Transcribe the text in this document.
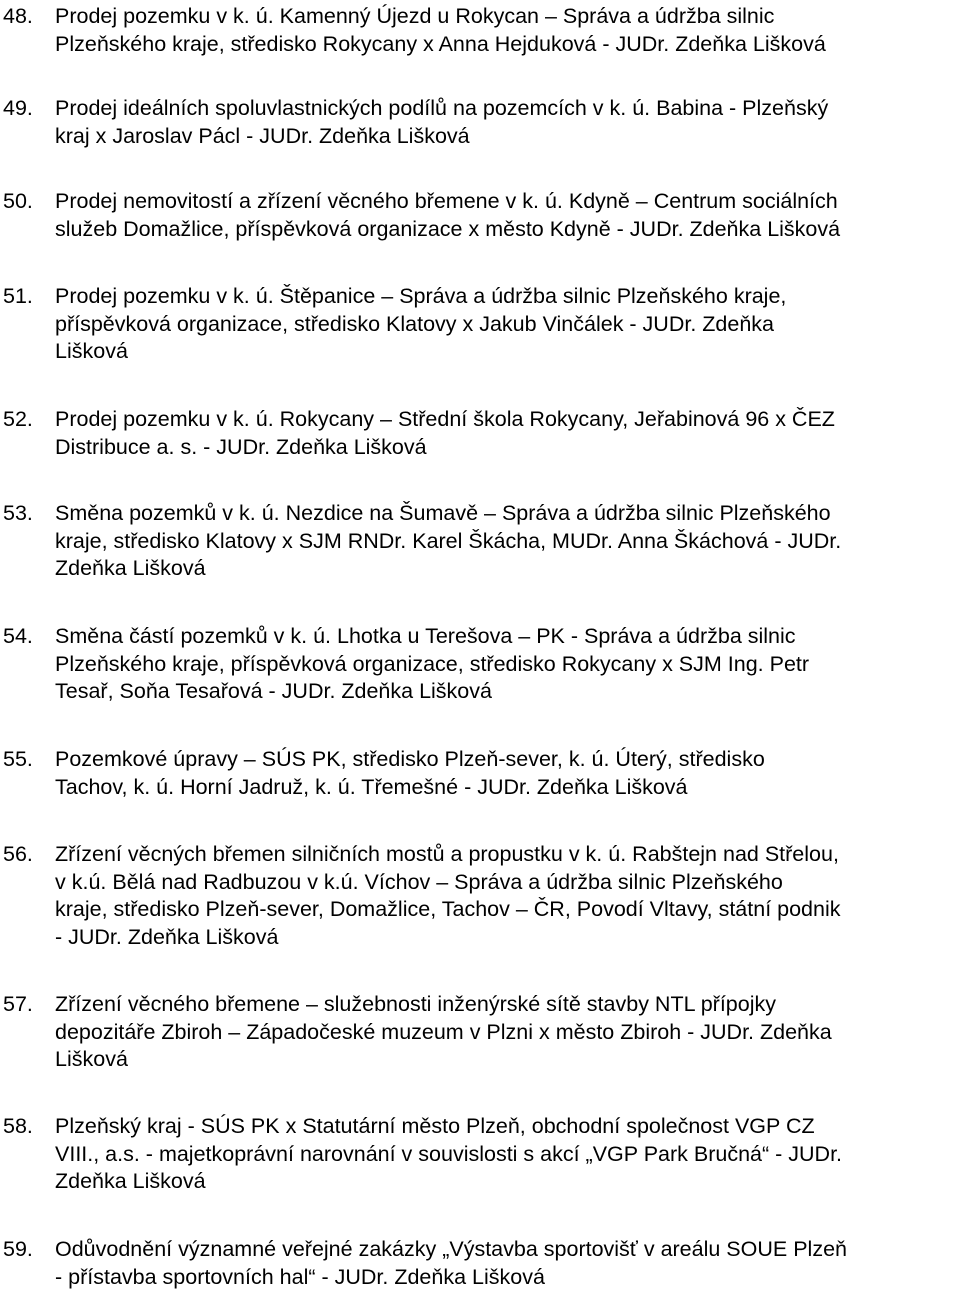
48. Prodej pozemku v k. ú. Kamenný Újezd u Rokycan – Správa a údržba silnic
Plzeňského kraje, středisko Rokycany x Anna Hejduková - JUDr. Zdeňka Lišková
49. Prodej ideálních spoluvlastnických podílů na pozemcích v k. ú. Babina - Plzeňský
kraj x Jaroslav Pácl - JUDr. Zdeňka Lišková
50. Prodej nemovitostí a zřízení věcného břemene v k. ú. Kdyně – Centrum sociálních
služeb Domažlice, příspěvková organizace x město Kdyně - JUDr. Zdeňka Lišková
51. Prodej pozemku v k. ú. Štěpanice – Správa a údržba silnic Plzeňského kraje,
příspěvková organizace, středisko Klatovy x Jakub Vinčálek - JUDr. Zdeňka
Lišková
52. Prodej pozemku v k. ú. Rokycany – Střední škola Rokycany, Jeřabinová 96 x ČEZ
Distribuce a. s. - JUDr. Zdeňka Lišková
53. Směna pozemků v k. ú. Nezdice na Šumavě – Správa a údržba silnic Plzeňského
kraje, středisko Klatovy x SJM RNDr. Karel Škácha, MUDr. Anna Škáchová - JUDr.
Zdeňka Lišková
54. Směna částí pozemků v k. ú. Lhotka u Terešova – PK - Správa a údržba silnic
Plzeňského kraje, příspěvková organizace, středisko Rokycany x SJM Ing. Petr
Tesař, Soňa Tesařová - JUDr. Zdeňka Lišková
55. Pozemkové úpravy – SÚS PK, středisko Plzeň-sever, k. ú. Úterý, středisko
Tachov, k. ú. Horní Jadruž, k. ú. Třemešné - JUDr. Zdeňka Lišková
56. Zřízení věcných břemen silničních mostů a propustku v k. ú. Rabštejn nad Střelou,
v k.ú. Bělá nad Radbuzou v k.ú. Víchov – Správa a údržba silnic Plzeňského
kraje, středisko Plzeň-sever, Domažlice, Tachov – ČR, Povodí Vltavy, státní podnik
- JUDr. Zdeňka Lišková
57. Zřízení věcného břemene – služebnosti inženýrské sítě stavby NTL přípojky
depozitáře Zbiroh – Západočeské muzeum v Plzni x město Zbiroh - JUDr. Zdeňka
Lišková
58. Plzeňský kraj - SÚS PK x Statutární město Plzeň, obchodní společnost VGP CZ
VIII., a.s. - majetkoprávní narovnání v souvislosti s akcí „VGP Park Bručná“ - JUDr.
Zdeňka Lišková
59. Odůvodnění významné veřejné zakázky „Výstavba sportovišť v areálu SOUE Plzeň
- přístavba sportovních hal“ - JUDr. Zdeňka Lišková
